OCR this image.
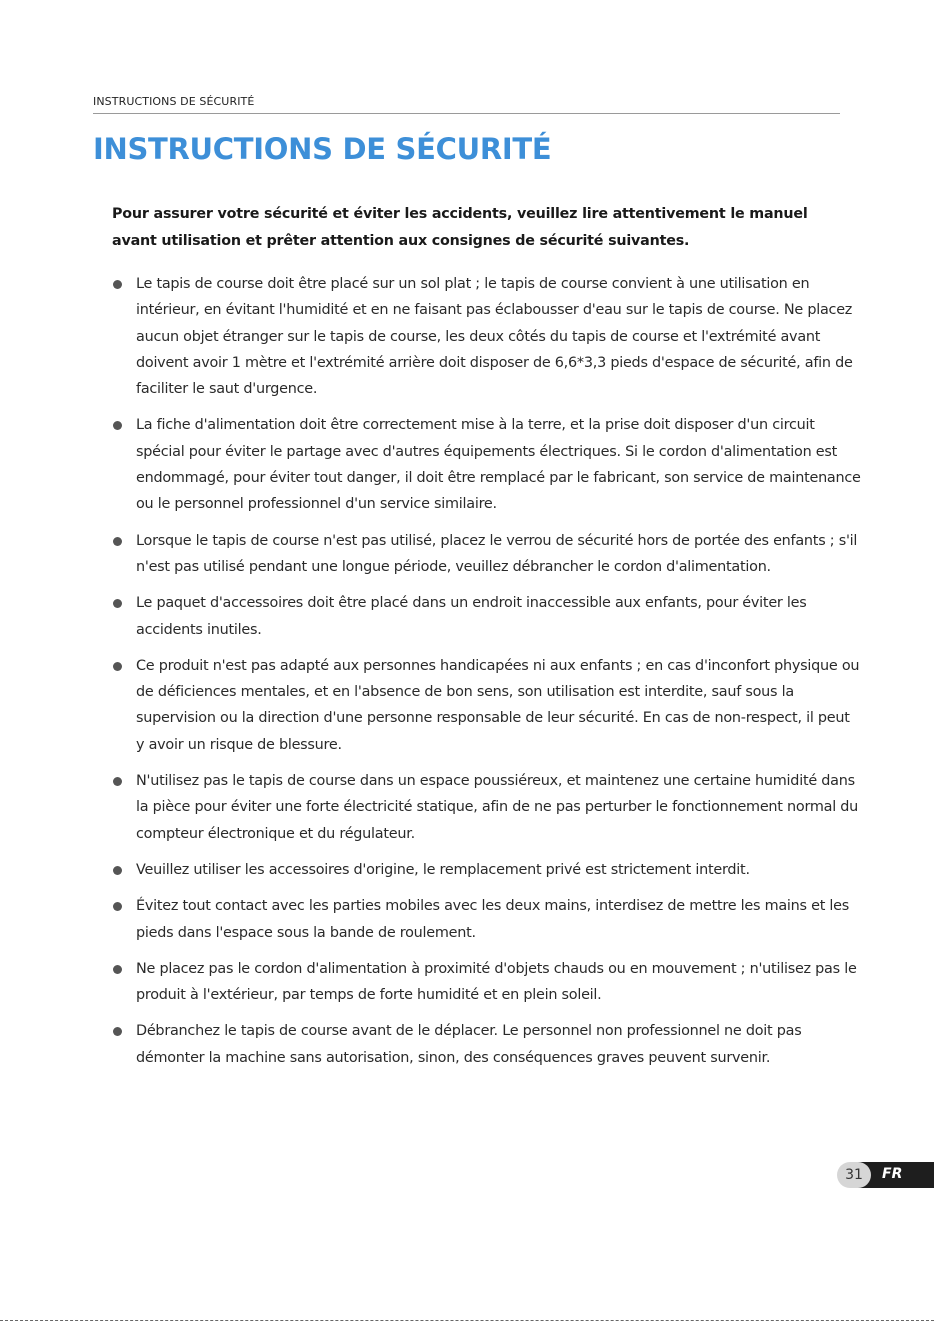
INSTRUCTIONS DE SÉCURITÉ
INSTRUCTIONS DE SÉCURITÉ

Pour assurer votre sécurité et éviter les accidents, veuillez lire attentivement le manuel avant utilisation et prêter attention aux consignes de sécurité suivantes.

Le tapis de course doit être placé sur un sol plat ; le tapis de course convient à une utilisation en intérieur, en évitant l'humidité et en ne faisant pas éclabousser d'eau sur le tapis de course. Ne placez aucun objet étranger sur le tapis de course, les deux côtés du tapis de course et l'extrémité avant doivent avoir 1 mètre et l'extrémité arrière doit disposer de 6,6*3,3 pieds d'espace de sécurité, afin de faciliter le saut d'urgence.
La fiche d'alimentation doit être correctement mise à la terre, et la prise doit disposer d'un circuit spécial pour éviter le partage avec d'autres équipements électriques. Si le cordon d'alimentation est endommagé, pour éviter tout danger, il doit être remplacé par le fabricant, son service de maintenance ou le personnel professionnel d'un service similaire.
Lorsque le tapis de course n'est pas utilisé, placez le verrou de sécurité hors de portée des enfants ; s'il n'est pas utilisé pendant une longue période, veuillez débrancher le cordon d'alimentation.
Le paquet d'accessoires doit être placé dans un endroit inaccessible aux enfants, pour éviter les accidents inutiles.
Ce produit n'est pas adapté aux personnes handicapées ni aux enfants ; en cas d'inconfort physique ou de déficiences mentales, et en l'absence de bon sens, son utilisation est interdite, sauf sous la supervision ou la direction d'une personne responsable de leur sécurité. En cas de non-respect, il peut y avoir un risque de blessure.
N'utilisez pas le tapis de course dans un espace poussiéreux, et maintenez une certaine humidité dans la pièce pour éviter une forte électricité statique, afin de ne pas perturber le fonctionnement normal du compteur électronique et du régulateur.
Veuillez utiliser les accessoires d'origine, le remplacement privé est strictement interdit.
Évitez tout contact avec les parties mobiles avec les deux mains, interdisez de mettre les mains et les pieds dans l'espace sous la bande de roulement.
Ne placez pas le cordon d'alimentation à proximité d'objets chauds ou en mouvement ; n'utilisez pas le produit à l'extérieur, par temps de forte humidité et en plein soleil.
Débranchez le tapis de course avant de le déplacer. Le personnel non professionnel ne doit pas démonter la machine sans autorisation, sinon, des conséquences graves peuvent survenir.
FR
31
